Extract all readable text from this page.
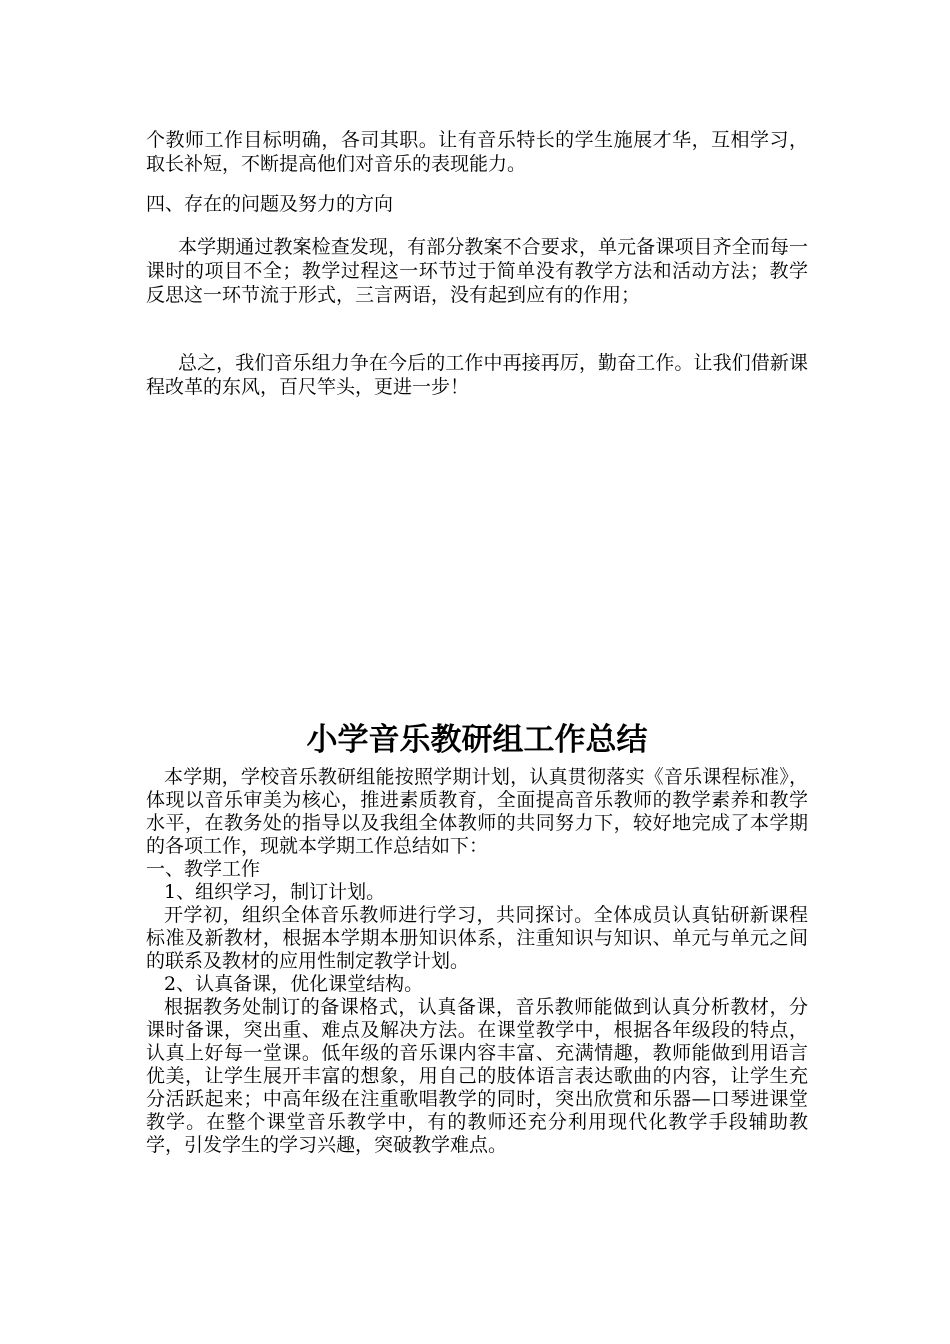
个教师工作目标明确，各司其职。让有音乐特长的学生施展才华，互相学习，取长补短，不断提高他们对音乐的表现能力。

四、存在的问题及努力的方向

本学期通过教案检查发现，有部分教案不合要求，单元备课项目齐全而每一课时的项目不全；教学过程这一环节过于简单没有教学方法和活动方法；教学反思这一环节流于形式，三言两语，没有起到应有的作用；

总之，我们音乐组力争在今后的工作中再接再厉，勤奋工作。让我们借新课程改革的东风，百尺竿头，更进一步！

小学音乐教研组工作总结

本学期，学校音乐教研组能按照学期计划，认真贯彻落实《音乐课程标准》，体现以音乐审美为核心，推进素质教育，全面提高音乐教师的教学素养和教学水平，在教务处的指导以及我组全体教师的共同努力下，较好地完成了本学期的各项工作，现就本学期工作总结如下：

一、教学工作

1、组织学习，制订计划。

开学初，组织全体音乐教师进行学习，共同探讨。全体成员认真钻研新课程标准及新教材，根据本学期本册知识体系，注重知识与知识、单元与单元之间的联系及教材的应用性制定教学计划。

2、认真备课，优化课堂结构。

根据教务处制订的备课格式，认真备课，音乐教师能做到认真分析教材，分课时备课，突出重、难点及解决方法。在课堂教学中，根据各年级段的特点，认真上好每一堂课。低年级的音乐课内容丰富、充满情趣，教师能做到用语言优美，让学生展开丰富的想象，用自己的肢体语言表达歌曲的内容，让学生充分活跃起来；中高年级在注重歌唱教学的同时，突出欣赏和乐器—口琴进课堂教学。在整个课堂音乐教学中，有的教师还充分利用现代化教学手段辅助教学，引发学生的学习兴趣，突破教学难点。
